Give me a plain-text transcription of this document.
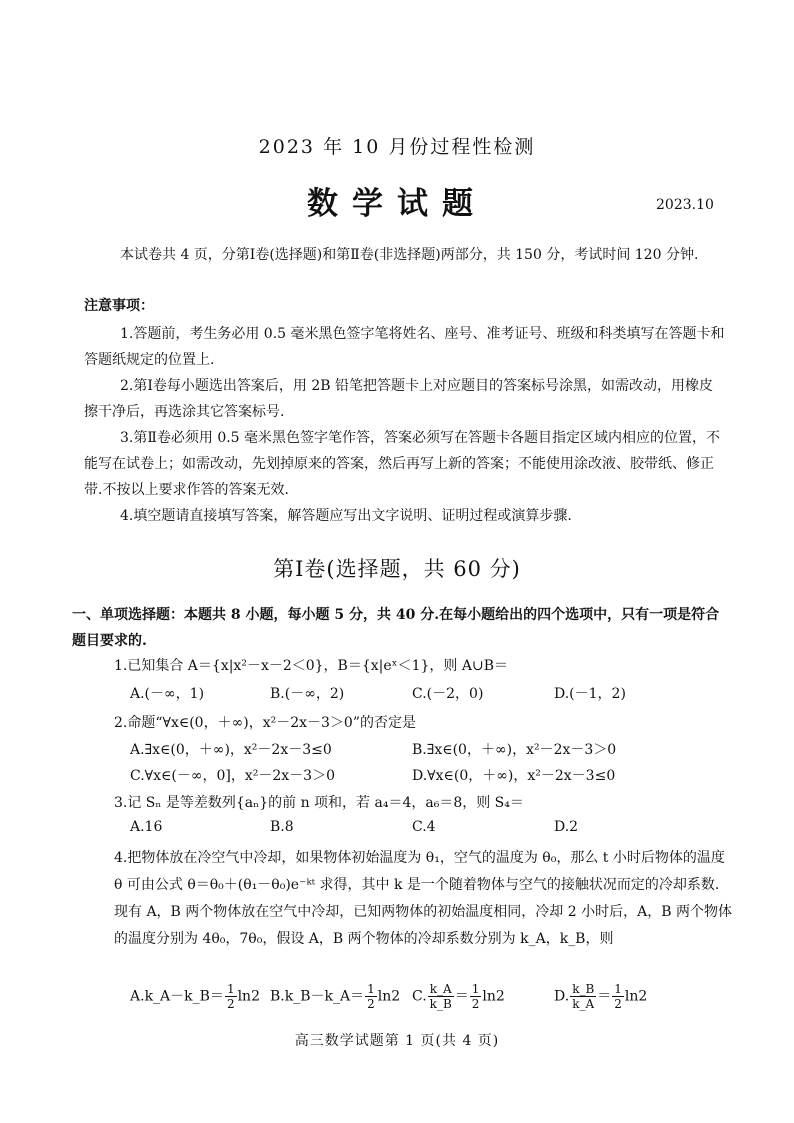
2023 年 10 月份过程性检测
数学试题	2023.10
本试卷共 4 页，分第Ⅰ卷(选择题)和第Ⅱ卷(非选择题)两部分，共 150 分，考试时间 120 分钟.
注意事项：
1.答题前，考生务必用 0.5 毫米黑色签字笔将姓名、座号、准考证号、班级和科类填写在答题卡和答题纸规定的位置上.
2.第Ⅰ卷每小题选出答案后，用 2B 铅笔把答题卡上对应题目的答案标号涂黑，如需改动，用橡皮擦干净后，再选涂其它答案标号.
3.第Ⅱ卷必须用 0.5 毫米黑色签字笔作答，答案必须写在答题卡各题目指定区域内相应的位置，不能写在试卷上；如需改动，先划掉原来的答案，然后再写上新的答案；不能使用涂改液、胶带纸、修正带.不按以上要求作答的答案无效.
4.填空题请直接填写答案，解答题应写出文字说明、证明过程或演算步骤.
第Ⅰ卷(选择题，共 60 分)
一、单项选择题：本题共 8 小题，每小题 5 分，共 40 分.在每小题给出的四个选项中，只有一项是符合题目要求的.
1.已知集合 A＝{x|x²－x－2＜0}，B＝{x|eˣ＜1}，则 A∪B＝
A.(－∞，1)	B.(－∞，2)	C.(－2，0)	D.(－1，2)
2.命题“∀x∈(0，＋∞)，x²－2x－3＞0”的否定是
A.∃x∈(0，＋∞)，x²－2x－3≤0	B.∃x∈(0，＋∞)，x²－2x－3＞0
C.∀x∈(－∞，0]，x²－2x－3＞0	D.∀x∈(0，＋∞)，x²－2x－3≤0
3.记 Sₙ 是等差数列{aₙ}的前 n 项和，若 a₄＝4，a₆＝8，则 S₄＝
A.16	B.8	C.4	D.2
4.把物体放在冷空气中冷却，如果物体初始温度为 θ₁，空气的温度为 θ₀，那么 t 小时后物体的温度 θ 可由公式 θ＝θ₀＋(θ₁－θ₀)e⁻ᵏᵗ 求得，其中 k 是一个随着物体与空气的接触状况而定的冷却系数.现有 A，B 两个物体放在空气中冷却，已知两物体的初始温度相同，冷却 2 小时后，A，B 两个物体的温度分别为 4θ₀，7θ₀，假设 A，B 两个物体的冷却系数分别为 k_A，k_B，则
A.k_A－k_B＝ $\frac{1}{2} \ln 2$ B.k_B－k_A＝ $\frac{1}{2} \ln 2$ C. $\frac{k\_A}{k\_B} = \frac{1}{2} \ln 2$	D. $\frac{k\_B}{k\_A} = \frac{1}{2} \ln 2$
高三数学试题第 1 页(共 4 页)
